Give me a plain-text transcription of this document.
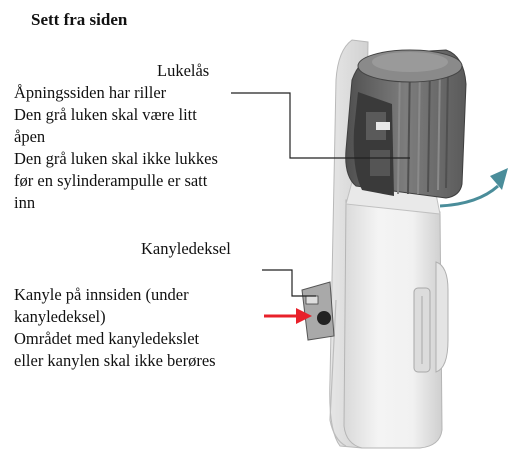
Sett fra siden
Lukelås
Åpningssiden har riller
Den grå luken skal være litt
åpen
Den grå luken skal ikke lukkes
før en sylinderampulle er satt
inn
Kanyledeksel
Kanyle på innsiden (under
kanyledeksel)
Området med kanyledekslet
eller kanylen skal ikke berøres
